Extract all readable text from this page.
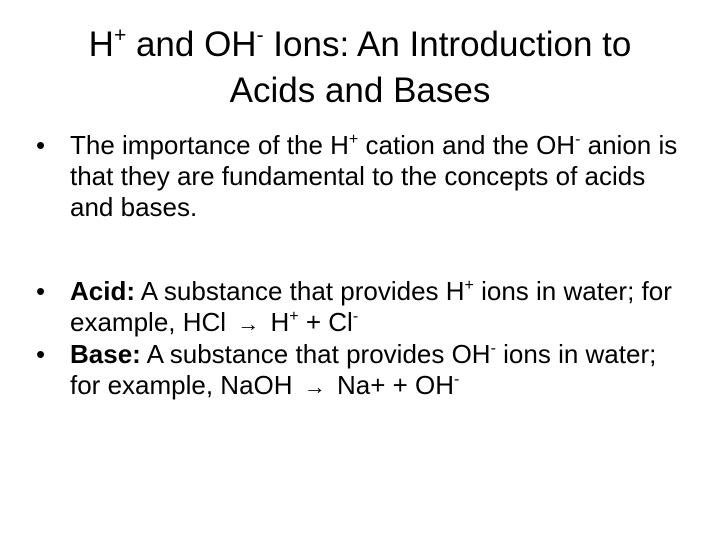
H+ and OH- Ions: An Introduction to
Acids and Bases
• The importance of the H+ cation and the OH- anion is that they are fundamental to the concepts of acids and bases.
• Acid: A substance that provides H+ ions in water; for example, HCl → H+ + Cl-
• Base: A substance that provides OH- ions in water; for example, NaOH → Na+ + OH-
